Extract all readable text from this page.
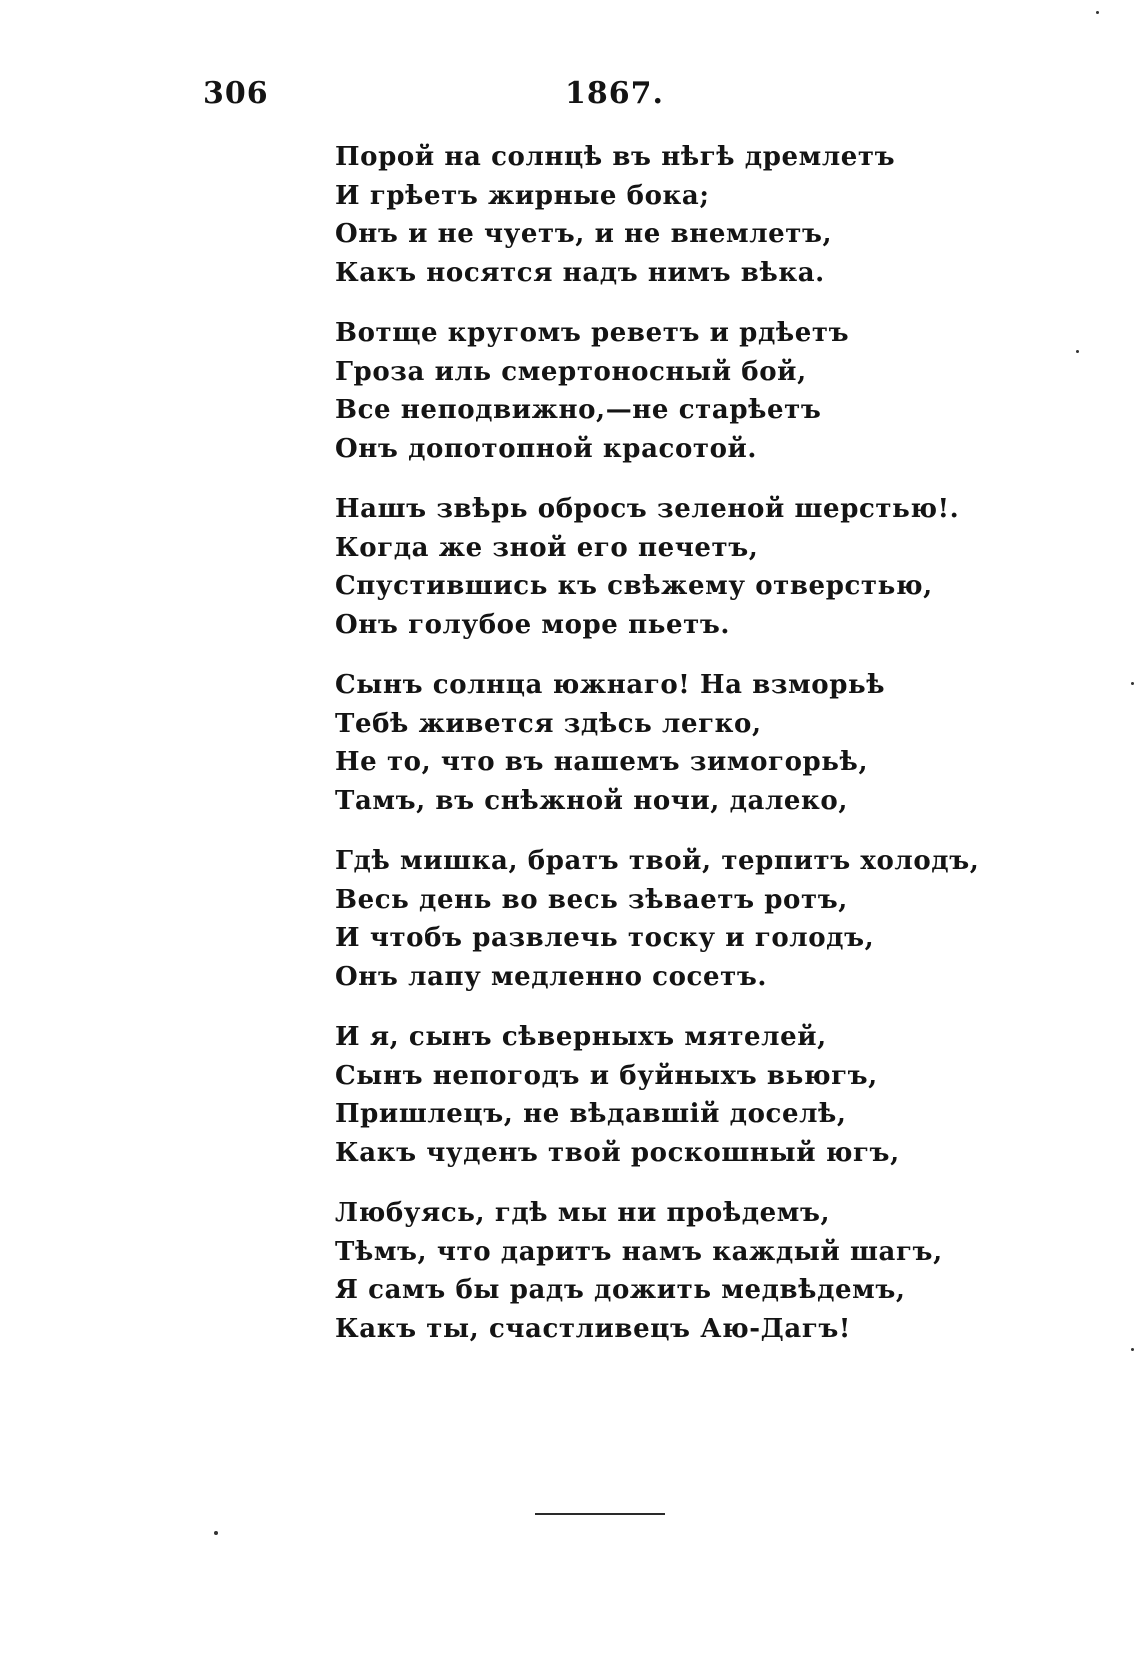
306	1867.
Порой на солнцѣ въ нѣгѣ дремлетъ
И грѣетъ жирные бока;
Онъ и не чуетъ, и не внемлетъ,
Какъ носятся надъ нимъ вѣка.
Вотще кругомъ реветъ и рдѣетъ
Гроза иль смертоносный бой,
Все неподвижно,—не старѣетъ
Онъ допотопной красотой.
Нашъ звѣрь обросъ зеленой шерстью!.
Когда же зной его печетъ,
Спустившись къ свѣжему отверстью,
Онъ голубое море пьетъ.
Сынъ солнца южнаго! На взморьѣ
Тебѣ живется здѣсь легко,
Не то, что въ нашемъ зимогорьѣ,
Тамъ, въ снѣжной ночи, далеко,
Гдѣ мишка, братъ твой, терпитъ холодъ,
Весь день во весь зѣваетъ ротъ,
И чтобъ развлечь тоску и голодъ,
Онъ лапу медленно сосетъ.
И я, сынъ сѣверныхъ мятелей,
Сынъ непогодъ и буйныхъ вьюгъ,
Пришлецъ, не вѣдавшій доселѣ,
Какъ чуденъ твой роскошный югъ,
Любуясь, гдѣ мы ни проѣдемъ,
Тѣмъ, что даритъ намъ каждый шагъ,
Я самъ бы радъ дожить медвѣдемъ,
Какъ ты, счастливецъ Аю-Дагъ!
